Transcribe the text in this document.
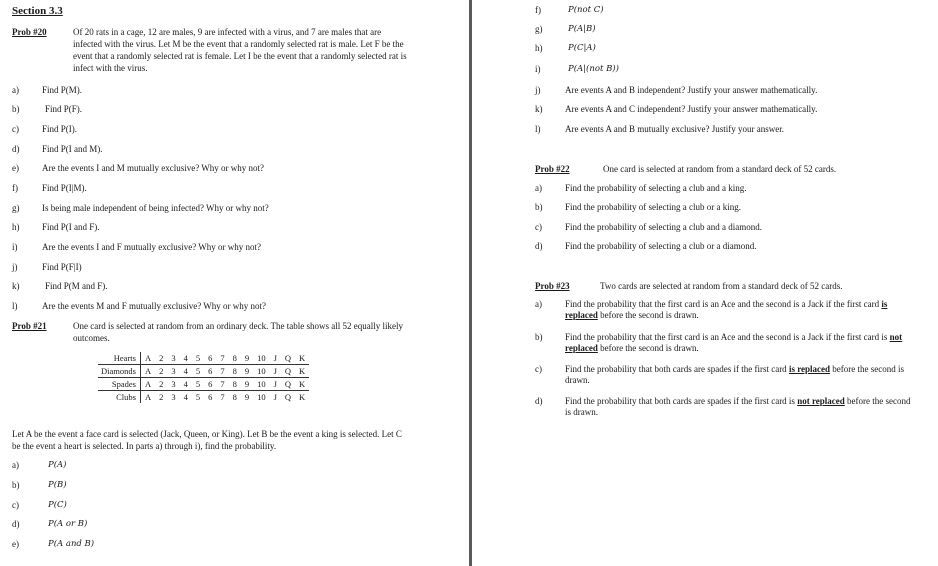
Section 3.3
Prob #20	Of 20 rats in a cage, 12 are males, 9 are infected with a virus, and 7 are males that are infected with the virus. Let M be the event that a randomly selected rat is male. Let F be the event that a randomly selected rat is female. Let I be the event that a randomly selected rat is infect with the virus.
a)	Find P(M).
b)	Find P(F).
c)	Find P(I).
d)	Find P(I and M).
e)	Are the events I and M mutually exclusive? Why or why not?
f)	Find P(I|M).
g)	Is being male independent of being infected? Why or why not?
h)	Find P(I and F).
i)	Are the events I and F mutually exclusive? Why or why not?
j)	Find P(F|I)
k)	Find P(M and F).
l)	Are the events M and F mutually exclusive? Why or why not?
Prob #21	One card is selected at random from an ordinary deck. The table shows all 52 equally likely outcomes.
Hearts	A	2	3	4	5	6	7	8	9	10	J	Q	K
Diamonds	A	2	3	4	5	6	7	8	9	10	J	Q	K
Spades	A	2	3	4	5	6	7	8	9	10	J	Q	K
Clubs	A	2	3	4	5	6	7	8	9	10	J	Q	K
Let A be the event a face card is selected (Jack, Queen, or King). Let B be the event a king is selected. Let C be the event a heart is selected. In parts a) through i), find the probability.
a)	P(A)
b)	P(B)
c)	P(C)
d)	P(A or B)
e)	P(A and B)
f)	P(not C)
g)	P(A|B)
h)	P(C|A)
i)	P(A|(not B))
j)	Are events A and B independent? Justify your answer mathematically.
k)	Are events A and C independent? Justify your answer mathematically.
l)	Are events A and B mutually exclusive? Justify your answer.
Prob #22	One card is selected at random from a standard deck of 52 cards.
a)	Find the probability of selecting a club and a king.
b)	Find the probability of selecting a club or a king.
c)	Find the probability of selecting a club and a diamond.
d)	Find the probability of selecting a club or a diamond.
Prob #23	Two cards are selected at random from a standard deck of 52 cards.
a)	Find the probability that the first card is an Ace and the second is a Jack if the first card is replaced before the second is drawn.
b)	Find the probability that the first card is an Ace and the second is a Jack if the first card is not replaced before the second is drawn.
c)	Find the probability that both cards are spades if the first card is replaced before the second is drawn.
d)	Find the probability that both cards are spades if the first card is not replaced before the second is drawn.
